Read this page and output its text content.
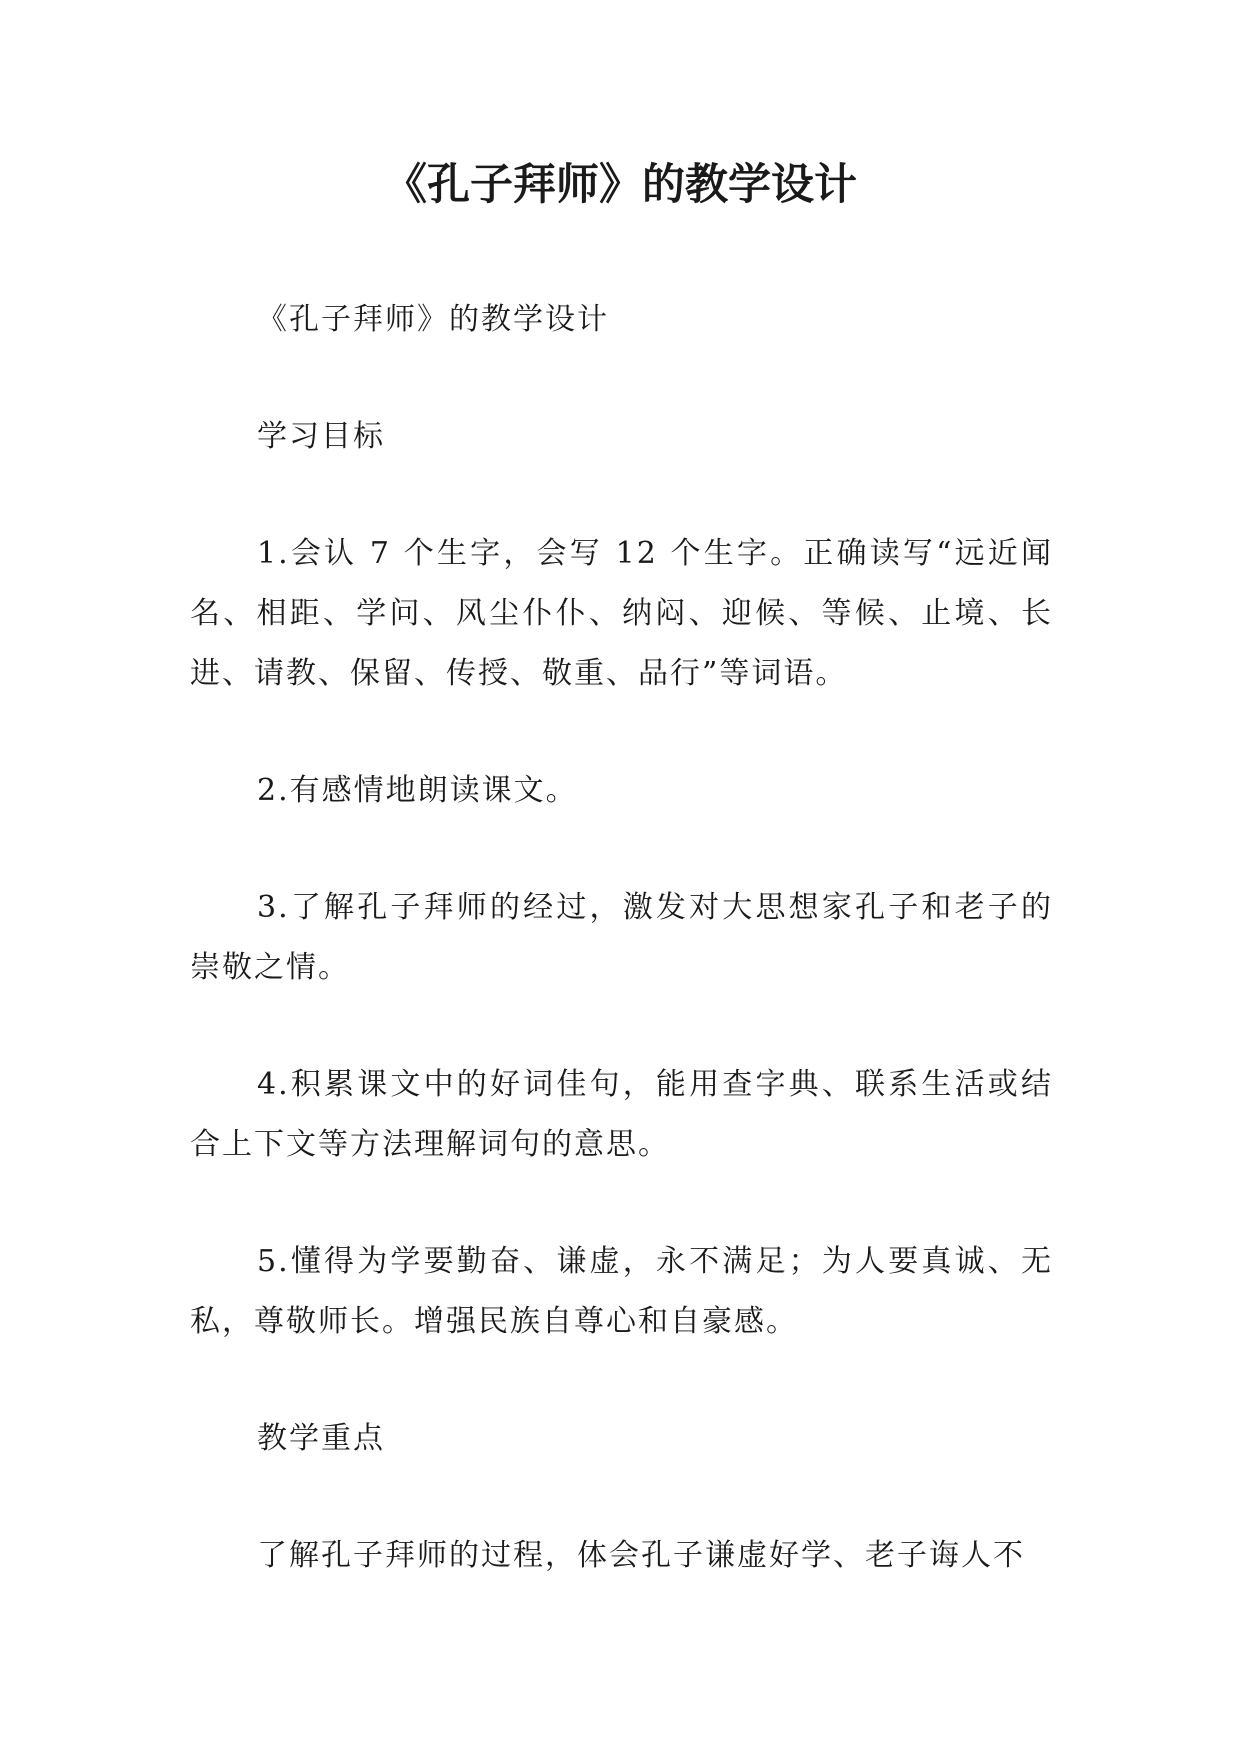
《孔子拜师》的教学设计

《孔子拜师》的教学设计

学习目标

1.会认 7 个生字，会写 12 个生字。正确读写“远近闻名、相距、学问、风尘仆仆、纳闷、迎候、等候、止境、长进、请教、保留、传授、敬重、品行”等词语。

2.有感情地朗读课文。

3.了解孔子拜师的经过，激发对大思想家孔子和老子的崇敬之情。

4.积累课文中的好词佳句，能用查字典、联系生活或结合上下文等方法理解词句的意思。

5.懂得为学要勤奋、谦虚，永不满足；为人要真诚、无私，尊敬师长。增强民族自尊心和自豪感。

教学重点

了解孔子拜师的过程，体会孔子谦虚好学、老子诲人不
